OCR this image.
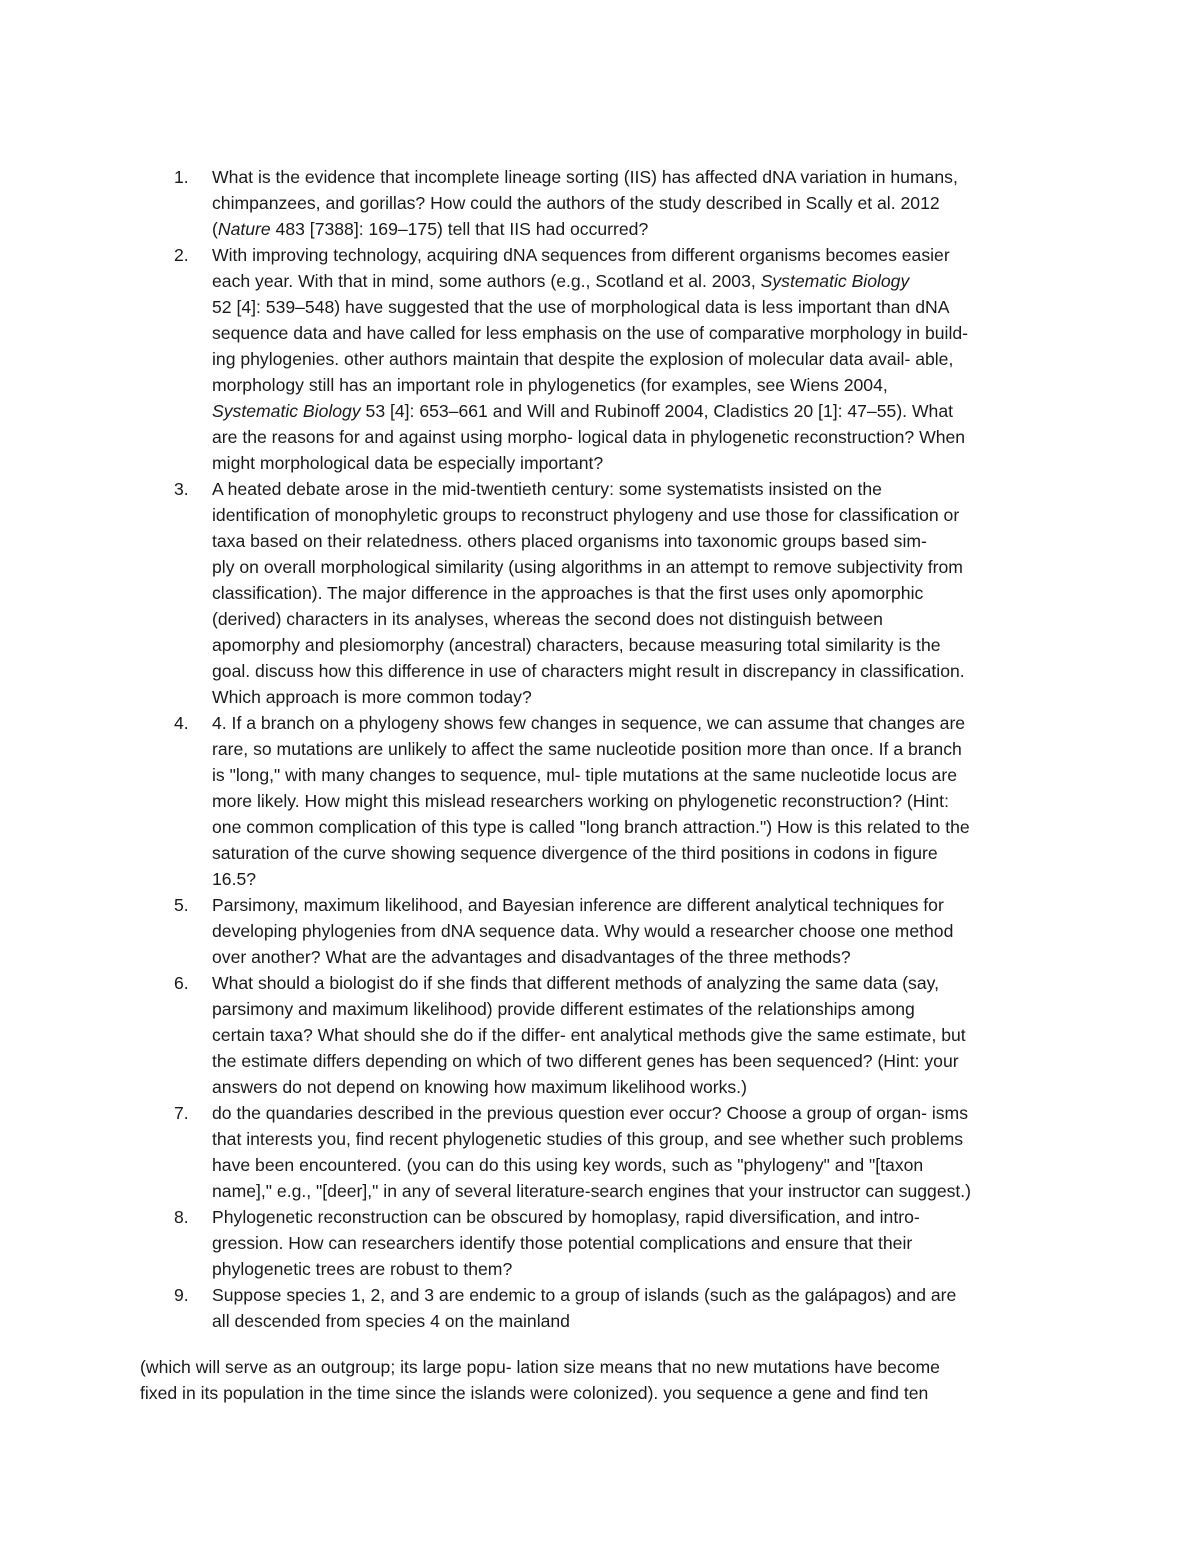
1.	What is the evidence that incomplete lineage sorting (IIS) has affected dNA variation in humans,
chimpanzees, and gorillas? How could the authors of the study described in Scally et al. 2012
(Nature 483 [7388]: 169–175) tell that IIS had occurred?
2.	With improving technology, acquiring dNA sequences from different organisms becomes easier
each year. With that in mind, some authors (e.g., Scotland et al. 2003, Systematic Biology
52 [4]: 539–548) have suggested that the use of morphological data is less important than dNA
sequence data and have called for less emphasis on the use of comparative morphology in build-
ing phylogenies. other authors maintain that despite the explosion of molecular data avail- able,
morphology still has an important role in phylogenetics (for examples, see Wiens 2004,
Systematic Biology 53 [4]: 653–661 and Will and Rubinoff 2004, Cladistics 20 [1]: 47–55). What
are the reasons for and against using morpho- logical data in phylogenetic reconstruction? When
might morphological data be especially important?
3.	A heated debate arose in the mid-twentieth century: some systematists insisted on the
identification of monophyletic groups to reconstruct phylogeny and use those for classification or
taxa based on their relatedness. others placed organisms into taxonomic groups based sim-
ply on overall morphological similarity (using algorithms in an attempt to remove subjectivity from
classification). The major difference in the approaches is that the first uses only apomorphic
(derived) characters in its analyses, whereas the second does not distinguish between
apomorphy and plesiomorphy (ancestral) characters, because measuring total similarity is the
goal. discuss how this difference in use of characters might result in discrepancy in classification.
Which approach is more common today?
4.	4. If a branch on a phylogeny shows few changes in sequence, we can assume that changes are
rare, so mutations are unlikely to affect the same nucleotide position more than once. If a branch
is "long," with many changes to sequence, mul- tiple mutations at the same nucleotide locus are
more likely. How might this mislead researchers working on phylogenetic reconstruction? (Hint:
one common complication of this type is called "long branch attraction.") How is this related to the
saturation of the curve showing sequence divergence of the third positions in codons in figure
16.5?
5.	Parsimony, maximum likelihood, and Bayesian inference are different analytical techniques for
developing phylogenies from dNA sequence data. Why would a researcher choose one method
over another? What are the advantages and disadvantages of the three methods?
6.	What should a biologist do if she finds that different methods of analyzing the same data (say,
parsimony and maximum likelihood) provide different estimates of the relationships among
certain taxa? What should she do if the differ- ent analytical methods give the same estimate, but
the estimate differs depending on which of two different genes has been sequenced? (Hint: your
answers do not depend on knowing how maximum likelihood works.)
7.	do the quandaries described in the previous question ever occur? Choose a group of organ- isms
that interests you, find recent phylogenetic studies of this group, and see whether such problems
have been encountered. (you can do this using key words, such as "phylogeny" and "[taxon
name]," e.g., "[deer]," in any of several literature-search engines that your instructor can suggest.)
8.	Phylogenetic reconstruction can be obscured by homoplasy, rapid diversification, and intro-
gression. How can researchers identify those potential complications and ensure that their
phylogenetic trees are robust to them?
9.	Suppose species 1, 2, and 3 are endemic to a group of islands (such as the galápagos) and are
all descended from species 4 on the mainland
(which will serve as an outgroup; its large popu- lation size means that no new mutations have become
fixed in its population in the time since the islands were colonized). you sequence a gene and find ten
